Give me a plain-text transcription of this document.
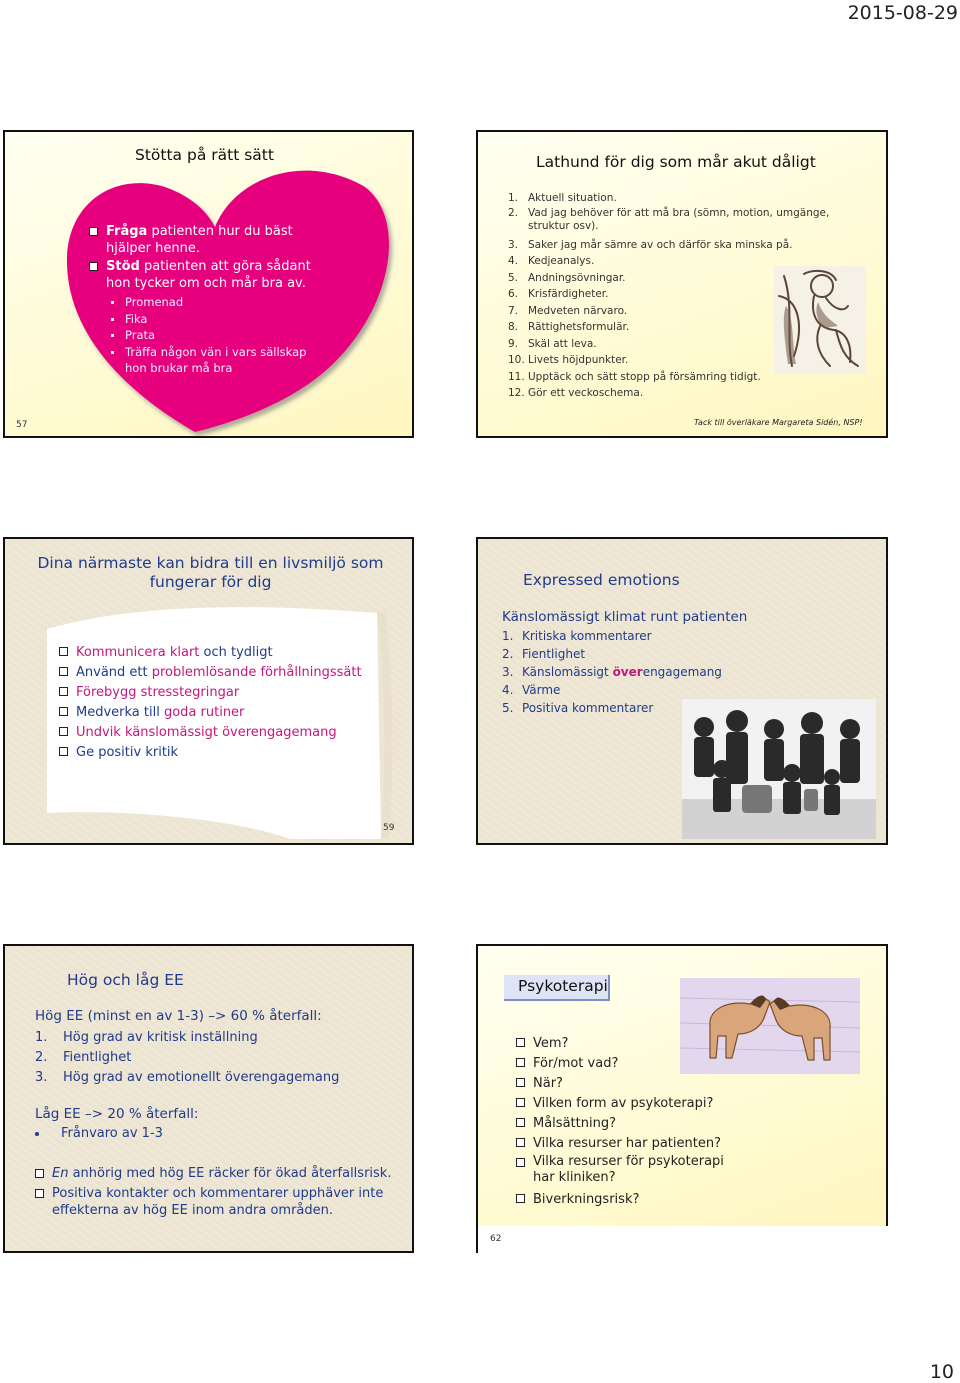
2015-08-29
Stötta på rätt sätt
Fråga patienten hur du bäst hjälper henne.
Stöd patienten att göra sådant hon tycker om och mår bra av.
Promenad
Fika
Prata
Träffa någon vän i vars sällskap hon brukar må bra
57
Lathund för dig som mår akut dåligt
1. Aktuell situation.
2. Vad jag behöver för att må bra (sömn, motion, umgänge, struktur osv).
3. Saker jag mår sämre av och därför ska minska på.
4. Kedjeanalys.
5. Andningsövningar.
6. Krisfärdigheter.
7. Medveten närvaro.
8. Rättighetsformulär.
9. Skäl att leva.
10. Livets höjdpunkter.
11. Upptäck och sätt stopp på försämring tidigt.
12. Gör ett veckoschema.
Tack till överläkare Margareta Sidén, NSP!
Dina närmaste kan bidra till en livsmiljö som
fungerar för dig
Kommunicera klart och tydligt
Använd ett problemlösande förhållningssätt
Förebygg stresstegringar
Medverka till goda rutiner
Undvik känslomässigt överengagemang
Ge positiv kritik
59
Expressed emotions
Känslomässigt klimat runt patienten
1. Kritiska kommentarer
2. Fientlighet
3. Känslomässigt överengagemang
4. Värme
5. Positiva kommentarer
Hög och låg EE
Hög EE (minst en av 1-3) –> 60 % återfall:
1. Hög grad av kritisk inställning
2. Fientlighet
3. Hög grad av emotionellt överengagemang
Låg EE –> 20 % återfall:
Frånvaro av 1-3
En anhörig med hög EE räcker för ökad återfallsrisk.
Positiva kontakter och kommentarer upphäver inte effekterna av hög EE inom andra områden.
Psykoterapi
Vem?
För/mot vad?
När?
Vilken form av psykoterapi?
Målsättning?
Vilka resurser har patienten?
Vilka resurser för psykoterapi har kliniken?
Biverkningsrisk?
62
10
